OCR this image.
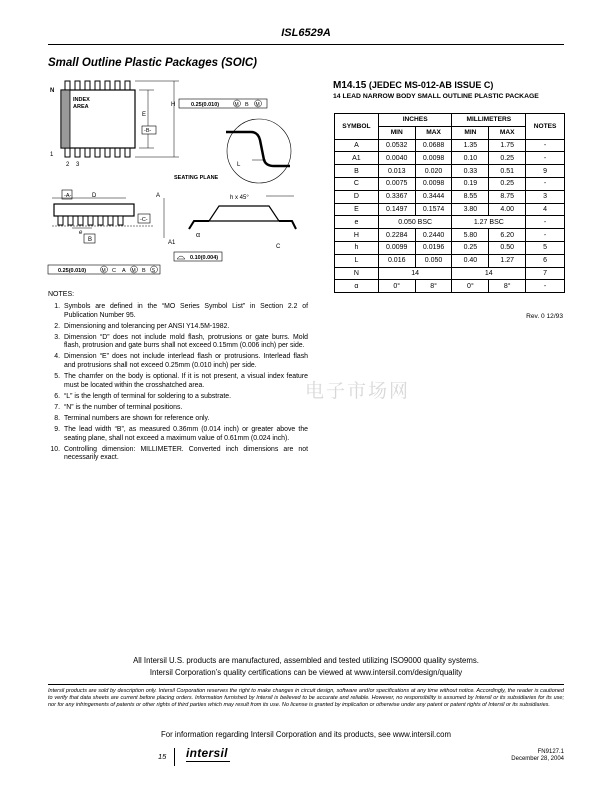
ISL6529A
Small Outline Plastic Packages (SOIC)
N
INDEX
AREA
1
2 3
E
-B-
H	0.25(0.010)	M B M
L
SEATING PLANE
-A-	D
-C-
e
B
A
A1
h x 45°
α
C
0.10(0.004)
0.25(0.010)	M C A M B S
M14.15 (JEDEC MS-012-AB ISSUE C)
14 LEAD NARROW BODY SMALL OUTLINE PLASTIC PACKAGE
SYMBOL	INCHES		MILLIMETERS		NOTES
	MIN	MAX	MIN	MAX	
A	0.0532	0.0688	1.35	1.75	-
A1	0.0040	0.0098	0.10	0.25	-
B	0.013	0.020	0.33	0.51	9
C	0.0075	0.0098	0.19	0.25	-
D	0.3367	0.3444	8.55	8.75	3
E	0.1497	0.1574	3.80	4.00	4
e	0.050 BSC		1.27 BSC		-
H	0.2284	0.2440	5.80	6.20	-
h	0.0099	0.0196	0.25	0.50	5
L	0.016	0.050	0.40	1.27	6
N	14		14		7
α	0°	8°	0°	8°	-
Rev. 0 12/93
电子市场网
NOTES:
1. Symbols are defined in the “MO Series Symbol List” in Section 2.2 of Publication Number 95.
2. Dimensioning and tolerancing per ANSI Y14.5M-1982.
3. Dimension “D” does not include mold flash, protrusions or gate burrs. Mold flash, protrusion and gate burrs shall not exceed 0.15mm (0.006 inch) per side.
4. Dimension “E” does not include interlead flash or protrusions. Interlead flash and protrusions shall not exceed 0.25mm (0.010 inch) per side.
5. The chamfer on the body is optional. If it is not present, a visual index feature must be located within the crosshatched area.
6. “L” is the length of terminal for soldering to a substrate.
7. “N” is the number of terminal positions.
8. Terminal numbers are shown for reference only.
9. The lead width “B”, as measured 0.36mm (0.014 inch) or greater above the seating plane, shall not exceed a maximum value of 0.61mm (0.024 inch).
10. Controlling dimension: MILLIMETER. Converted inch dimensions are not necessarily exact.
All Intersil U.S. products are manufactured, assembled and tested utilizing ISO9000 quality systems.
Intersil Corporation’s quality certifications can be viewed at www.intersil.com/design/quality
Intersil products are sold by description only. Intersil Corporation reserves the right to make changes in circuit design, software and/or specifications at any time without notice. Accordingly, the reader is cautioned to verify that data sheets are current before placing orders. Information furnished by Intersil is believed to be accurate and reliable. However, no responsibility is assumed by Intersil or its subsidiaries for its use; nor for any infringements of patents or other rights of third parties which may result from its use. No license is granted by implication or otherwise under any patent or patent rights of Intersil or its subsidiaries.
For information regarding Intersil Corporation and its products, see www.intersil.com
15 intersil	FN9127.1
December 28, 2004
